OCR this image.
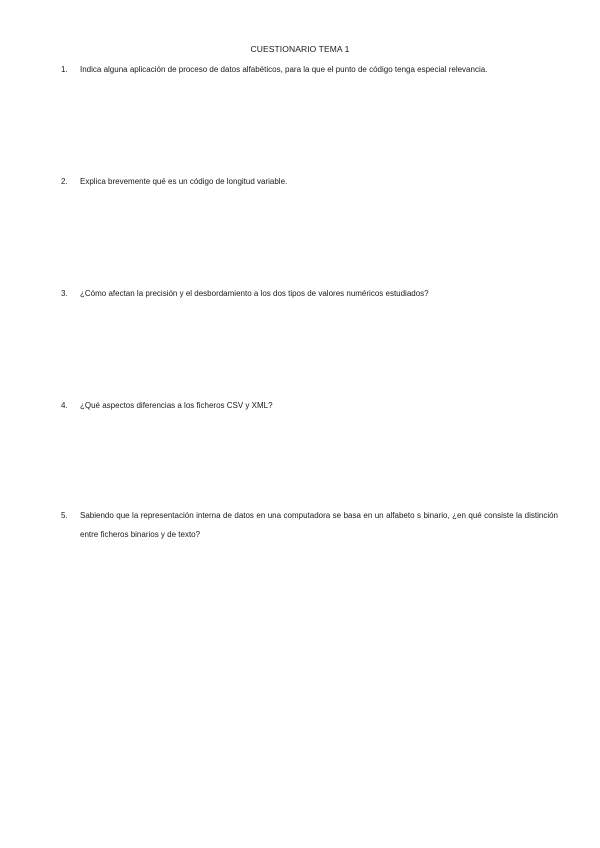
CUESTIONARIO TEMA 1
1.	Indica alguna aplicación de proceso de datos alfabéticos, para la que el punto de código tenga especial relevancia.
2.	Explica brevemente qué es un código de longitud variable.
3.	¿Cómo afectan la precisión y el desbordamiento a los dos tipos de valores numéricos estudiados?
4.	¿Qué aspectos diferencias a los ficheros CSV y XML?
5.	Sabiendo que la representación interna de datos en una computadora se basa en un alfabeto s binario, ¿en qué consiste la distinción entre ficheros binarios y de texto?
